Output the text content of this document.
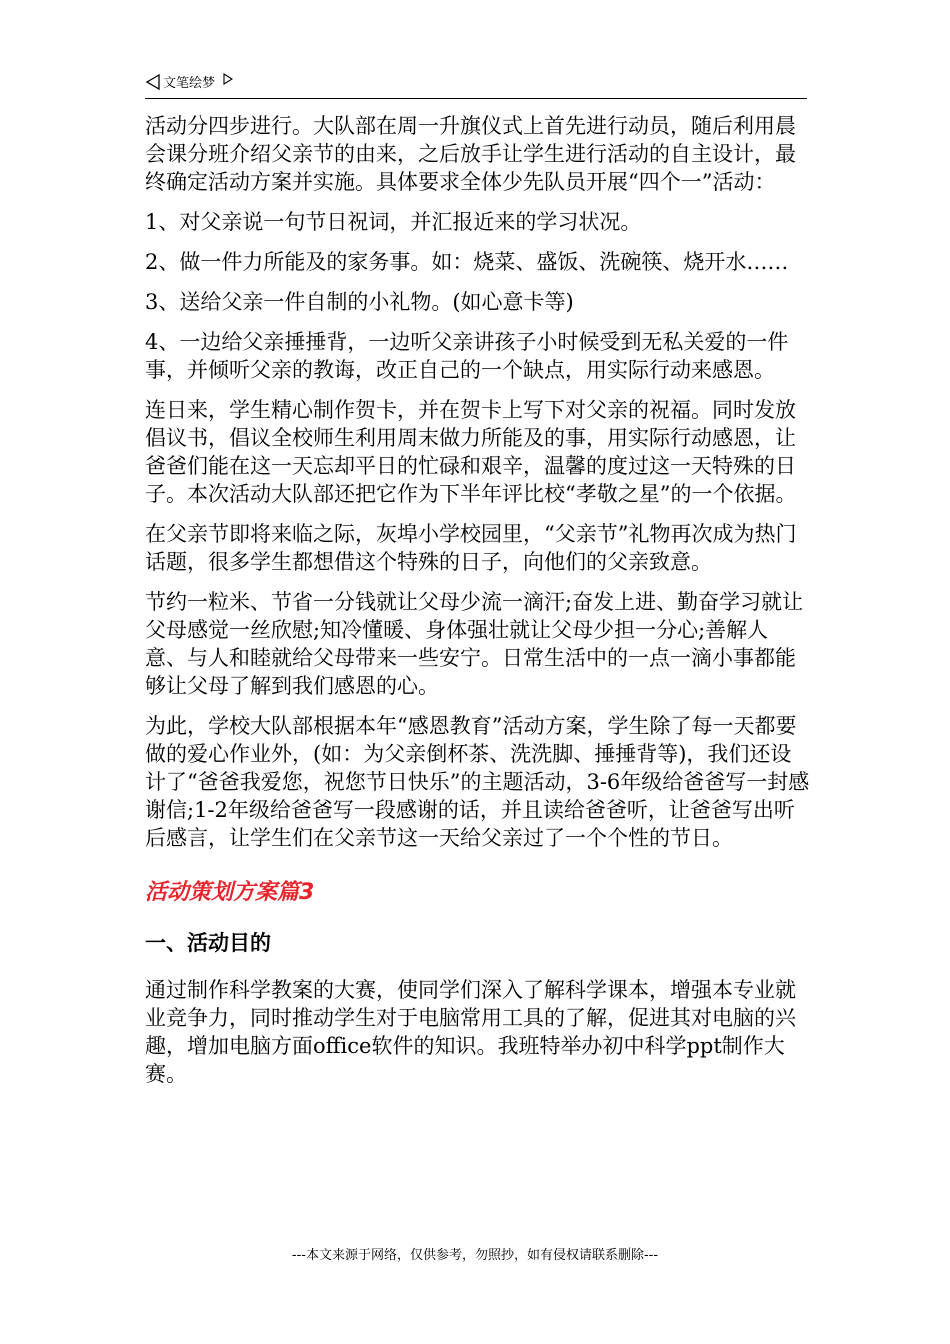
文笔绘梦

活动分四步进行。大队部在周一升旗仪式上首先进行动员，随后利用晨会课分班介绍父亲节的由来，之后放手让学生进行活动的自主设计，最终确定活动方案并实施。具体要求全体少先队员开展“四个一”活动：

1、对父亲说一句节日祝词，并汇报近来的学习状况。

2、做一件力所能及的家务事。如：烧菜、盛饭、洗碗筷、烧开水……

3、送给父亲一件自制的小礼物。(如心意卡等)

4、一边给父亲捶捶背，一边听父亲讲孩子小时候受到无私关爱的一件事，并倾听父亲的教诲，改正自己的一个缺点，用实际行动来感恩。

连日来，学生精心制作贺卡，并在贺卡上写下对父亲的祝福。同时发放倡议书，倡议全校师生利用周末做力所能及的事，用实际行动感恩，让爸爸们能在这一天忘却平日的忙碌和艰辛，温馨的度过这一天特殊的日子。本次活动大队部还把它作为下半年评比校“孝敬之星”的一个依据。

在父亲节即将来临之际，灰埠小学校园里，“父亲节”礼物再次成为热门话题，很多学生都想借这个特殊的日子，向他们的父亲致意。

节约一粒米、节省一分钱就让父母少流一滴汗;奋发上进、勤奋学习就让父母感觉一丝欣慰;知冷懂暖、身体强壮就让父母少担一分心;善解人意、与人和睦就给父母带来一些安宁。日常生活中的一点一滴小事都能够让父母了解到我们感恩的心。

为此，学校大队部根据本年“感恩教育”活动方案，学生除了每一天都要做的爱心作业外，(如：为父亲倒杯茶、洗洗脚、捶捶背等)，我们还设计了“爸爸我爱您，祝您节日快乐”的主题活动，3-6年级给爸爸写一封感谢信;1-2年级给爸爸写一段感谢的话，并且读给爸爸听，让爸爸写出听后感言，让学生们在父亲节这一天给父亲过了一个个性的节日。

活动策划方案篇3
一、活动目的

通过制作科学教案的大赛，使同学们深入了解科学课本，增强本专业就业竞争力，同时推动学生对于电脑常用工具的了解，促进其对电脑的兴趣，增加电脑方面office软件的知识。我班特举办初中科学ppt制作大赛。

---本文来源于网络，仅供参考，勿照抄，如有侵权请联系删除---
